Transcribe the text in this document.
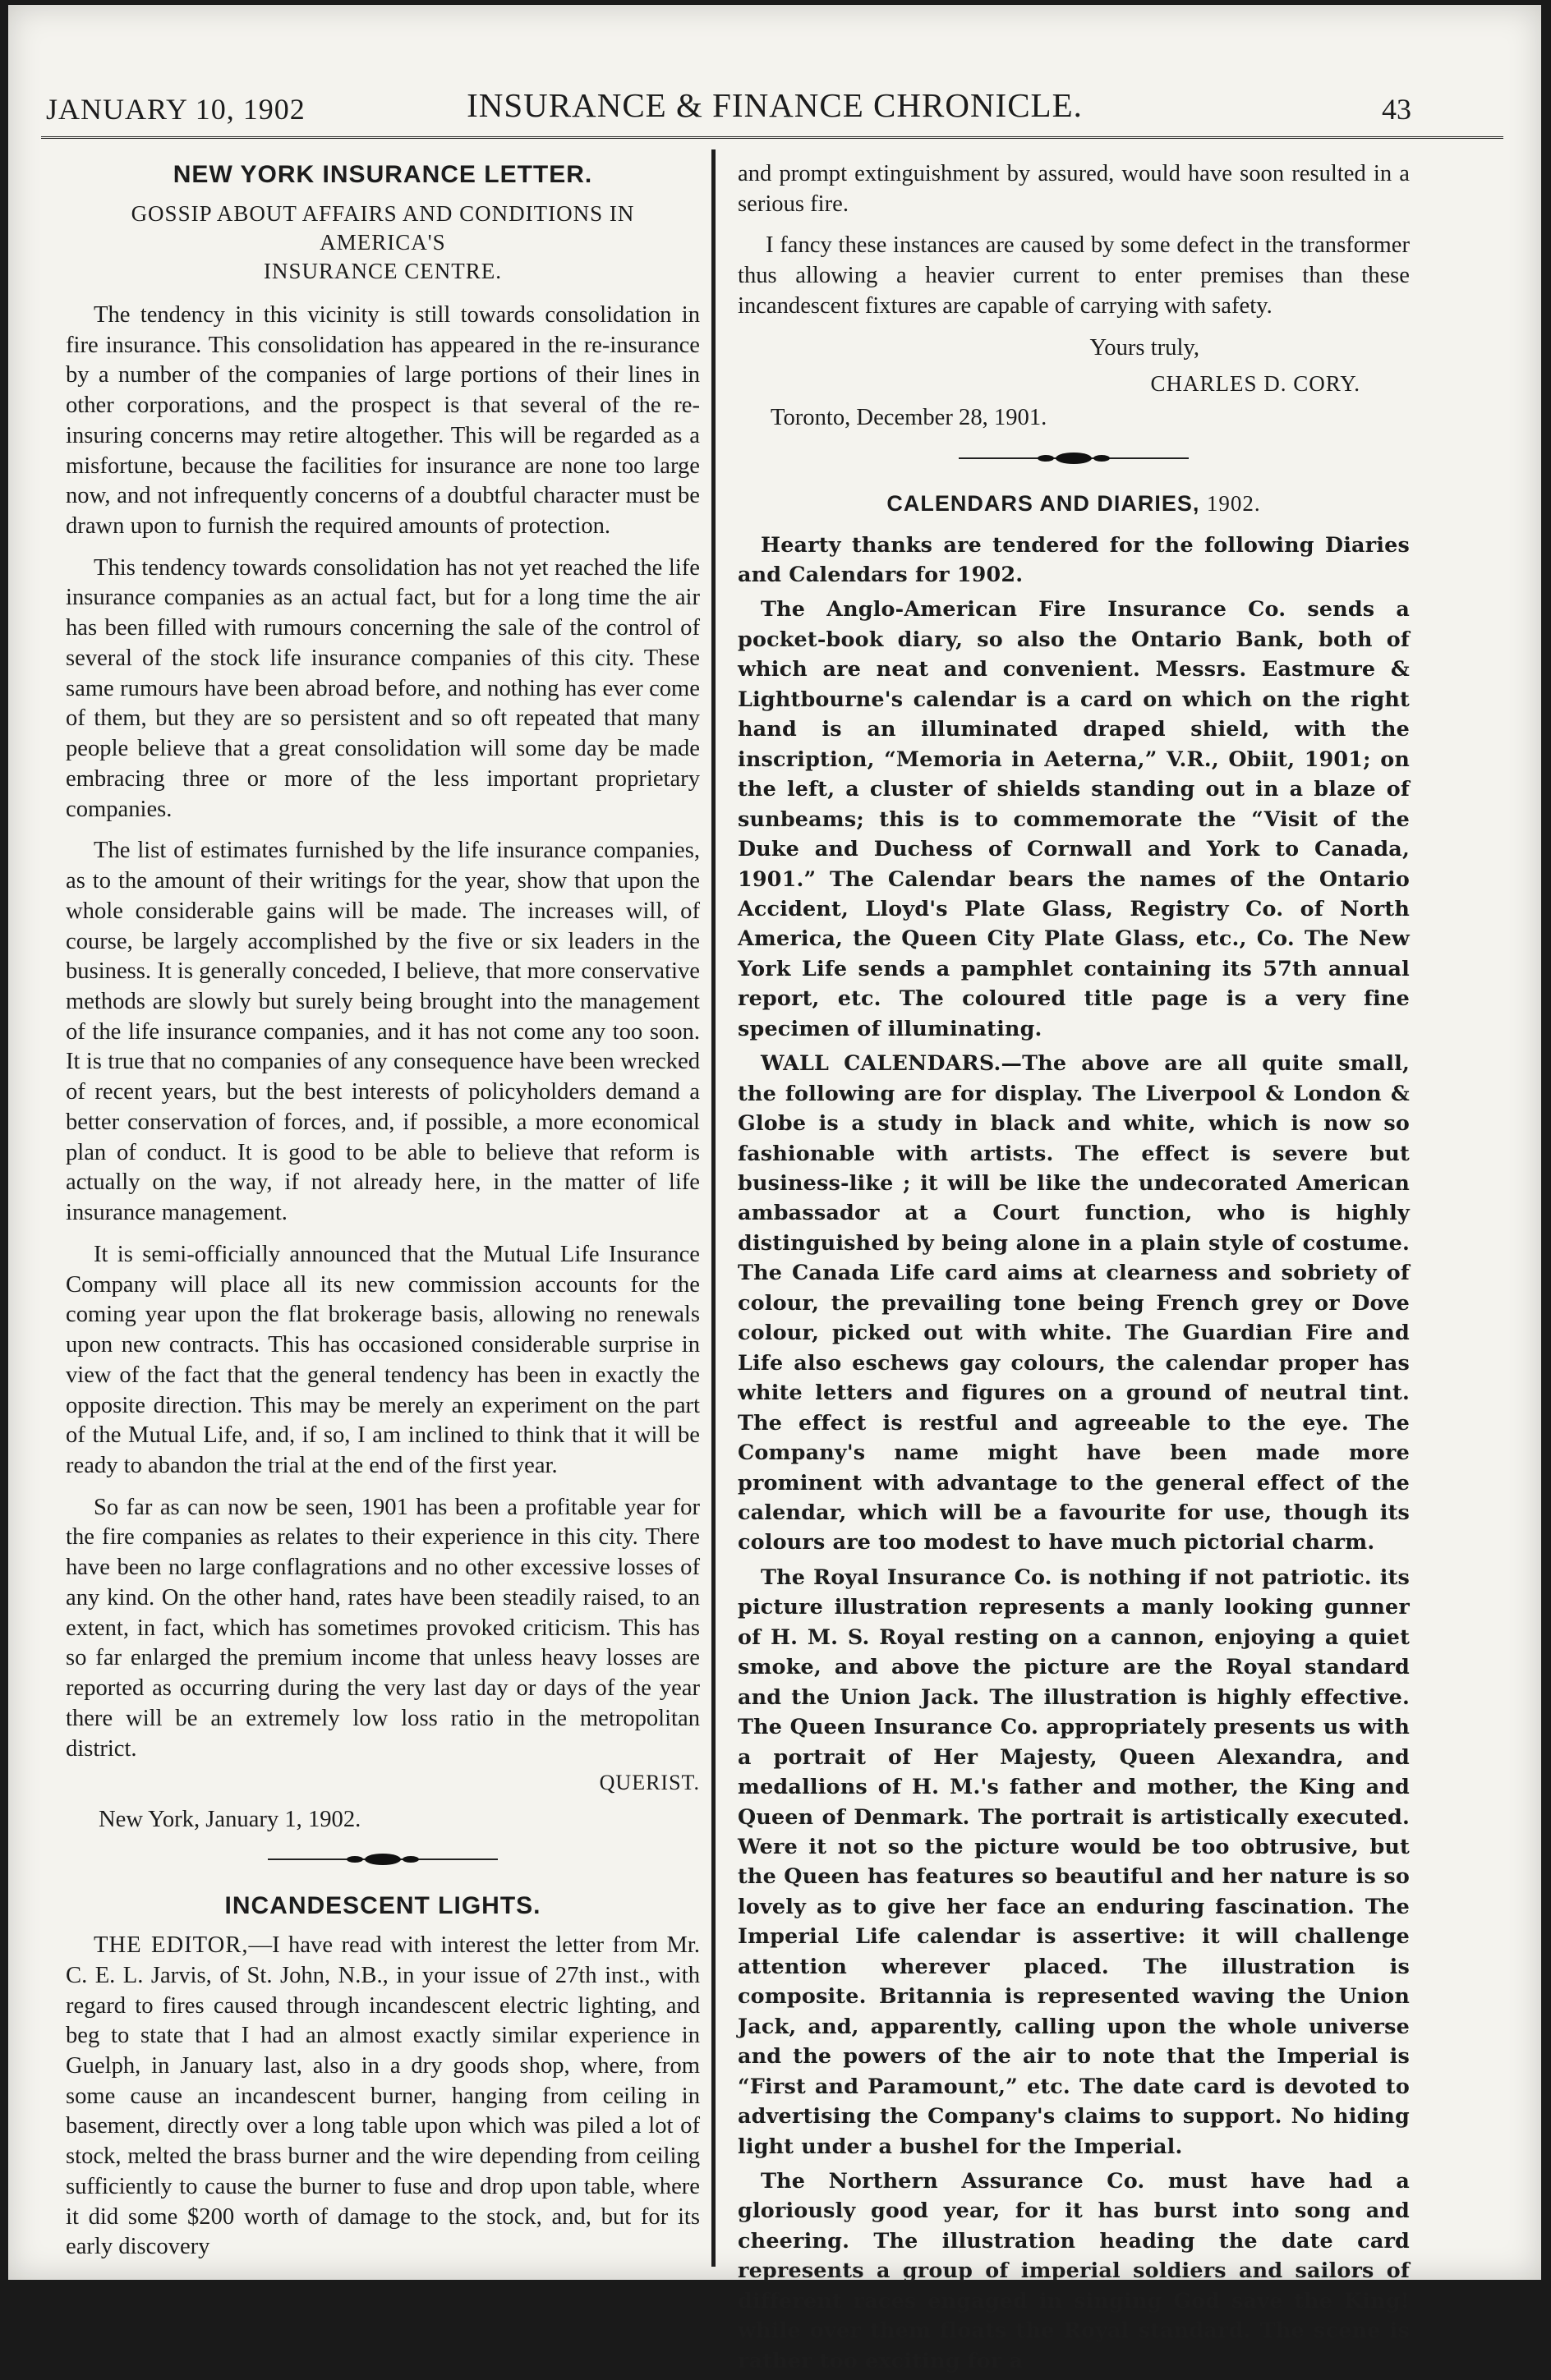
JANUARY 10, 1902	INSURANCE & FINANCE CHRONICLE.	43
NEW YORK INSURANCE LETTER.
GOSSIP ABOUT AFFAIRS AND CONDITIONS IN AMERICA'S
INSURANCE CENTRE.

The tendency in this vicinity is still towards consolidation in fire insurance. This consolidation has appeared in the re-insurance by a number of the companies of large portions of their lines in other corporations, and the prospect is that several of the re-insuring concerns may retire altogether. This will be regarded as a misfortune, because the facilities for insurance are none too large now, and not infrequently concerns of a doubtful character must be drawn upon to furnish the required amounts of protection.

This tendency towards consolidation has not yet reached the life insurance companies as an actual fact, but for a long time the air has been filled with rumours concerning the sale of the control of several of the stock life insurance companies of this city. These same rumours have been abroad before, and nothing has ever come of them, but they are so persistent and so oft repeated that many people believe that a great consolidation will some day be made embracing three or more of the less important proprietary companies.

The list of estimates furnished by the life insurance companies, as to the amount of their writings for the year, show that upon the whole considerable gains will be made. The increases will, of course, be largely accomplished by the five or six leaders in the business. It is generally conceded, I believe, that more conservative methods are slowly but surely being brought into the management of the life insurance companies, and it has not come any too soon. It is true that no companies of any consequence have been wrecked of recent years, but the best interests of policyholders demand a better conservation of forces, and, if possible, a more economical plan of conduct. It is good to be able to believe that reform is actually on the way, if not already here, in the matter of life insurance management.

It is semi-officially announced that the Mutual Life Insurance Company will place all its new commission accounts for the coming year upon the flat brokerage basis, allowing no renewals upon new contracts. This has occasioned considerable surprise in view of the fact that the general tendency has been in exactly the opposite direction. This may be merely an experiment on the part of the Mutual Life, and, if so, I am inclined to think that it will be ready to abandon the trial at the end of the first year.

So far as can now be seen, 1901 has been a profitable year for the fire companies as relates to their experience in this city. There have been no large conflagrations and no other excessive losses of any kind. On the other hand, rates have been steadily raised, to an extent, in fact, which has sometimes provoked criticism. This has so far enlarged the premium income that unless heavy losses are reported as occurring during the very last day or days of the year there will be an extremely low loss ratio in the metropolitan district.

QUERIST.
New York, January 1, 1902.
INCANDESCENT LIGHTS.

THE EDITOR,—I have read with interest the letter from Mr. C. E. L. Jarvis, of St. John, N.B., in your issue of 27th inst., with regard to fires caused through incandescent electric lighting, and beg to state that I had an almost exactly similar experience in Guelph, in January last, also in a dry goods shop, where, from some cause an incandescent burner, hanging from ceiling in basement, directly over a long table upon which was piled a lot of stock, melted the brass burner and the wire depending from ceiling sufficiently to cause the burner to fuse and drop upon table, where it did some $200 worth of damage to the stock, and, but for its early discovery

and prompt extinguishment by assured, would have soon resulted in a serious fire.

I fancy these instances are caused by some defect in the transformer thus allowing a heavier current to enter premises than these incandescent fixtures are capable of carrying with safety.

Yours truly,
CHARLES D. CORY.
Toronto, December 28, 1901.
CALENDARS AND DIARIES, 1902.

Hearty thanks are tendered for the following Diaries and Calendars for 1902.

The Anglo-American Fire Insurance Co. sends a pocket-book diary, so also the Ontario Bank, both of which are neat and convenient. Messrs. Eastmure & Lightbourne's calendar is a card on which on the right hand is an illuminated draped shield, with the inscription, “Memoria in Aeterna,” V.R., Obiit, 1901; on the left, a cluster of shields standing out in a blaze of sunbeams; this is to commemorate the “Visit of the Duke and Duchess of Cornwall and York to Canada, 1901.” The Calendar bears the names of the Ontario Accident, Lloyd's Plate Glass, Registry Co. of North America, the Queen City Plate Glass, etc., Co. The New York Life sends a pamphlet containing its 57th annual report, etc. The coloured title page is a very fine specimen of illuminating.

WALL CALENDARS.—The above are all quite small, the following are for display. The Liverpool & London & Globe is a study in black and white, which is now so fashionable with artists. The effect is severe but business-like ; it will be like the undecorated American ambassador at a Court function, who is highly distinguished by being alone in a plain style of costume. The Canada Life card aims at clearness and sobriety of colour, the prevailing tone being French grey or Dove colour, picked out with white. The Guardian Fire and Life also eschews gay colours, the calendar proper has white letters and figures on a ground of neutral tint. The effect is restful and agreeable to the eye. The Company's name might have been made more prominent with advantage to the general effect of the calendar, which will be a favourite for use, though its colours are too modest to have much pictorial charm.

The Royal Insurance Co. is nothing if not patriotic. its picture illustration represents a manly looking gunner of H. M. S. Royal resting on a cannon, enjoying a quiet smoke, and above the picture are the Royal standard and the Union Jack. The illustration is highly effective. The Queen Insurance Co. appropriately presents us with a portrait of Her Majesty, Queen Alexandra, and medallions of H. M.'s father and mother, the King and Queen of Denmark. The portrait is artistically executed. Were it not so the picture would be too obtrusive, but the Queen has features so beautiful and her nature is so lovely as to give her face an enduring fascination. The Imperial Life calendar is assertive: it will challenge attention wherever placed. The illustration is composite. Britannia is represented waving the Union Jack, and, apparently, calling upon the whole universe and the powers of the air to note that the Imperial is “First and Paramount,” etc. The date card is devoted to advertising the Company's claims to support. No hiding light under a bushel for the Imperial.

The Northern Assurance Co. must have had a gloriously good year, for it has burst into song and cheering. The illustration heading the date card represents a group of imperial soldiers and sailors of different races engaged in singing God save the King! while over them floats the Royal standard. The scene is rather too exciting for a
